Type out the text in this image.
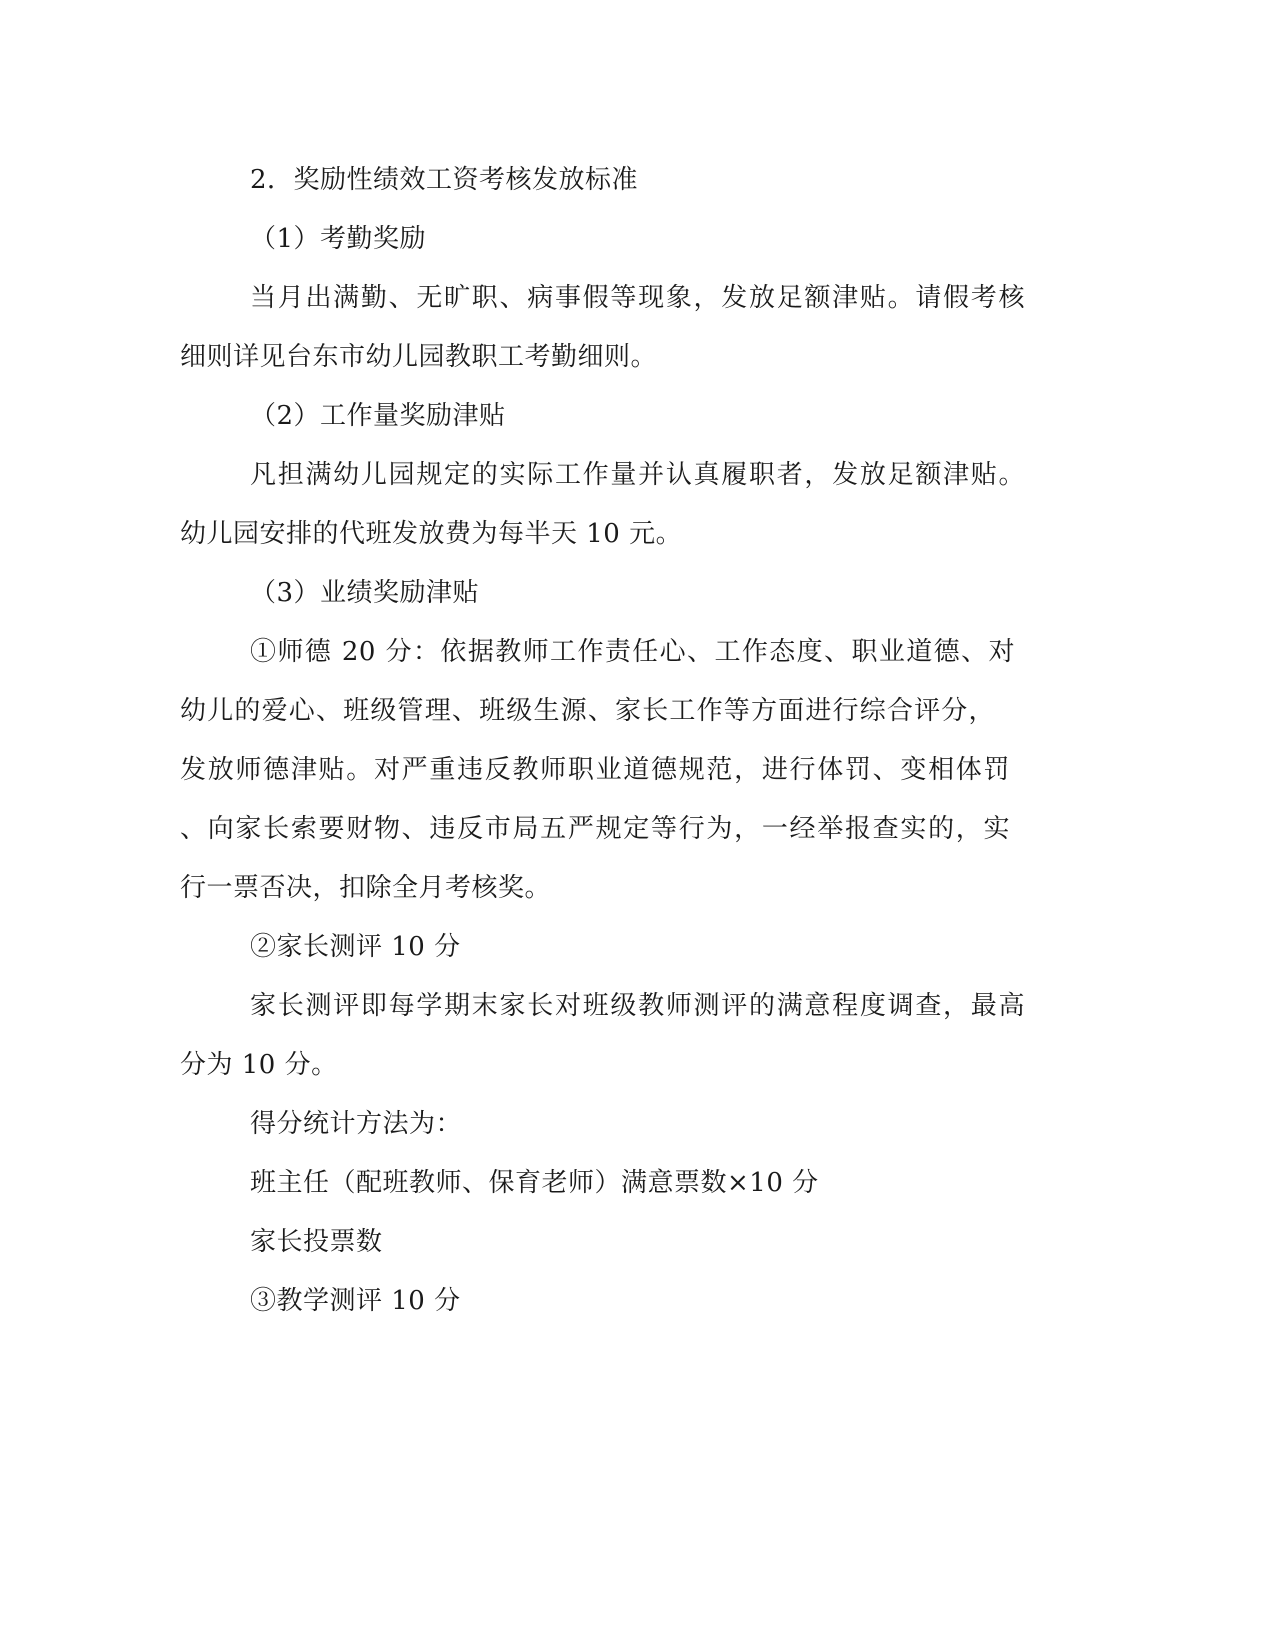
2．奖励性绩效工资考核发放标准

（1）考勤奖励

当月出满勤、无旷职、病事假等现象，发放足额津贴。请假考核

细则详见台东市幼儿园教职工考勤细则。

（2）工作量奖励津贴

凡担满幼儿园规定的实际工作量并认真履职者，发放足额津贴。

幼儿园安排的代班发放费为每半天 10 元。

（3）业绩奖励津贴

①师德 20 分：依据教师工作责任心、工作态度、职业道德、对

幼儿的爱心、班级管理、班级生源、家长工作等方面进行综合评分，

发放师德津贴。对严重违反教师职业道德规范，进行体罚、变相体罚

、向家长索要财物、违反市局五严规定等行为，一经举报查实的，实

行一票否决，扣除全月考核奖。

②家长测评 10 分

家长测评即每学期末家长对班级教师测评的满意程度调查，最高

分为 10 分。

得分统计方法为：

班主任（配班教师、保育老师）满意票数×10 分

家长投票数

③教学测评 10 分
